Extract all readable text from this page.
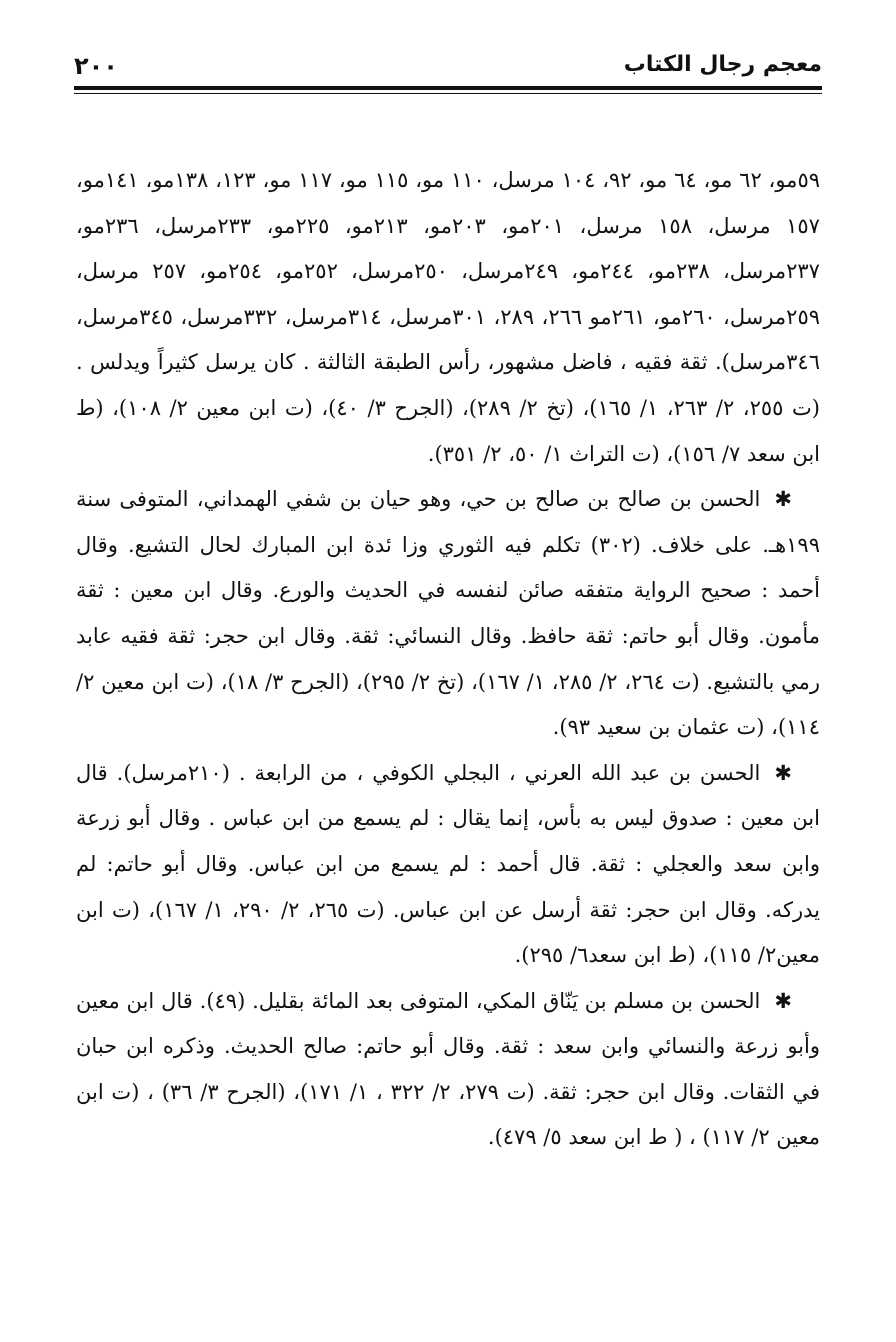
٢٠٠	معجم رجال الكتاب

٥٩مو، ٦٢ مو، ٦٤ مو، ٩٢، ١٠٤ مرسل، ١١٠ مو، ١١٥ مو، ١١٧ مو، ١٢٣، ١٣٨مو، ١٤١مو، ١٥٧ مرسل، ١٥٨ مرسل، ٢٠١مو، ٢٠٣مو، ٢١٣مو، ٢٢٥مو، ٢٣٣مرسل، ٢٣٦مو، ٢٣٧مرسل، ٢٣٨مو، ٢٤٤مو، ٢٤٩مرسل، ٢٥٠مرسل، ٢٥٢مو، ٢٥٤مو، ٢٥٧ مرسل، ٢٥٩مرسل، ٢٦٠مو، ٢٦١مو ٢٦٦، ٢٨٩، ٣٠١مرسل، ٣١٤مرسل، ٣٣٢مرسل، ٣٤٥مرسل، ٣٤٦مرسل). ثقة فقيه ، فاضل مشهور، رأس الطبقة الثالثة . كان يرسل كثيراً ويدلس . (ت ٢٥٥، ٢/ ٢٦٣، ١/ ١٦٥)، (تخ ٢/ ٢٨٩)، (الجرح ٣/ ٤٠)، (ت ابن معين ٢/ ١٠٨)، (ط ابن سعد ٧/ ١٥٦)، (ت التراث ١/ ٥٠، ٢/ ٣٥١).

✱الحسن بن صالح بن صالح بن حي، وهو حيان بن شفي الهمداني، المتوفى سنة ١٩٩هـ. على خلاف. (٣٠٢) تكلم فيه الثوري وزا ئدة ابن المبارك لحال التشيع. وقال أحمد : صحيح الرواية متفقه صائن لنفسه في الحديث والورع. وقال ابن معين : ثقة مأمون. وقال أبو حاتم: ثقة حافظ. وقال النسائي: ثقة. وقال ابن حجر: ثقة فقيه عابد رمي بالتشيع. (ت ٢٦٤، ٢/ ٢٨٥، ١/ ١٦٧)، (تخ ٢/ ٢٩٥)، (الجرح ٣/ ١٨)، (ت ابن معين ٢/ ١١٤)، (ت عثمان بن سعيد ٩٣).

✱الحسن بن عبد الله العرني ، البجلي الكوفي ، من الرابعة . (٢١٠مرسل). قال ابن معين : صدوق ليس به بأس، إنما يقال : لم يسمع من ابن عباس . وقال أبو زرعة وابن سعد والعجلي : ثقة. قال أحمد : لم يسمع من ابن عباس. وقال أبو حاتم: لم يدركه. وقال ابن حجر: ثقة أرسل عن ابن عباس. (ت ٢٦٥، ٢/ ٢٩٠، ١/ ١٦٧)، (ت ابن معين٢/ ١١٥)، (ط ابن سعد٦/ ٢٩٥).

✱الحسن بن مسلم بن يَنّاق المكي، المتوفى بعد المائة بقليل. (٤٩). قال ابن معين وأبو زرعة والنسائي وابن سعد : ثقة. وقال أبو حاتم: صالح الحديث. وذكره ابن حبان في الثقات. وقال ابن حجر: ثقة. (ت ٢٧٩، ٢/ ٣٢٢ ، ١/ ١٧١)، (الجرح ٣/ ٣٦) ، (ت ابن معين ٢/ ١١٧) ، ( ط ابن سعد ٥/ ٤٧٩).
